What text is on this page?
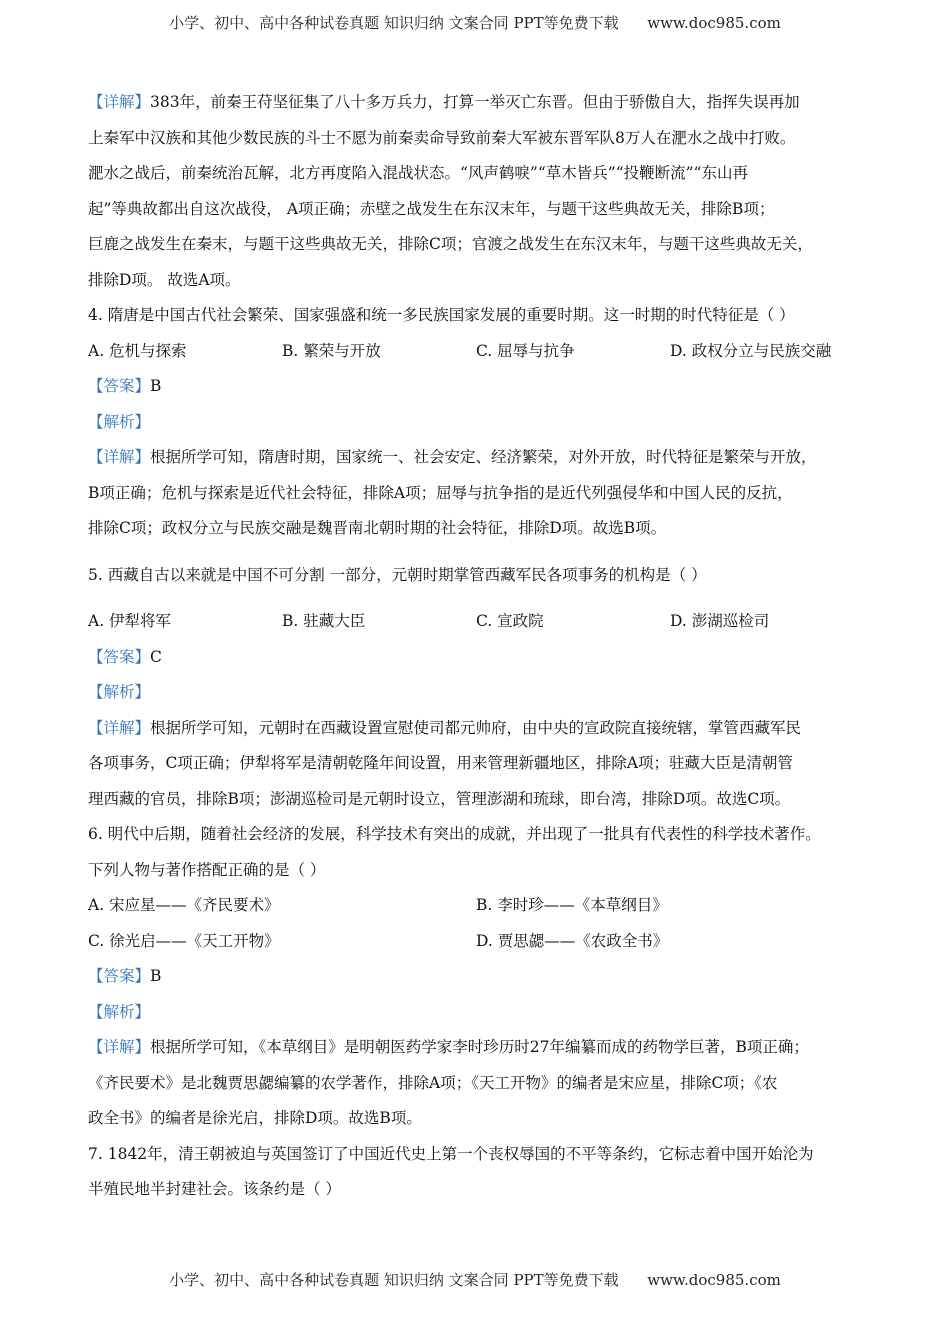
小学、初中、高中各种试卷真题 知识归纳 文案合同 PPT等免费下载 www.doc985.com
【详解】383年，前秦王苻坚征集了八十多万兵力，打算一举灭亡东晋。但由于骄傲自大，指挥失误再加
上秦军中汉族和其他少数民族的斗士不愿为前秦卖命导致前秦大军被东晋军队8万人在淝水之战中打败。
淝水之战后，前秦统治瓦解，北方再度陷入混战状态。“风声鹤唳”“草木皆兵”“投鞭断流”“东山再
起”等典故都出自这次战役， A项正确；赤壁之战发生在东汉末年，与题干这些典故无关，排除B项；
巨鹿之战发生在秦末，与题干这些典故无关，排除C项；官渡之战发生在东汉末年，与题干这些典故无关，
排除D项。 故选A项。
4. 隋唐是中国古代社会繁荣、国家强盛和统一多民族国家发展的重要时期。这一时期的时代特征是（ ）
A. 危机与探索	B. 繁荣与开放	C. 屈辱与抗争	D. 政权分立与民族交融
【答案】B
【解析】
【详解】根据所学可知，隋唐时期，国家统一、社会安定、经济繁荣，对外开放，时代特征是繁荣与开放，
B项正确；危机与探索是近代社会特征，排除A项；屈辱与抗争指的是近代列强侵华和中国人民的反抗，
排除C项；政权分立与民族交融是魏晋南北朝时期的社会特征，排除D项。故选B项。
5. 西藏自古以来就是中国不可分割 一部分，元朝时期掌管西藏军民各项事务的机构是（ ）
A. 伊犁将军	B. 驻藏大臣	C. 宣政院	D. 澎湖巡检司
【答案】C
【解析】
【详解】根据所学可知，元朝时在西藏设置宣慰使司都元帅府，由中央的宣政院直接统辖，掌管西藏军民
各项事务，C项正确；伊犁将军是清朝乾隆年间设置，用来管理新疆地区，排除A项；驻藏大臣是清朝管
理西藏的官员，排除B项；澎湖巡检司是元朝时设立，管理澎湖和琉球，即台湾，排除D项。故选C项。
6. 明代中后期，随着社会经济的发展，科学技术有突出的成就，并出现了一批具有代表性的科学技术著作。
下列人物与著作搭配正确的是（ ）
A. 宋应星——《齐民要术》	B. 李时珍——《本草纲目》
C. 徐光启——《天工开物》	D. 贾思勰——《农政全书》
【答案】B
【解析】
【详解】根据所学可知，《本草纲目》是明朝医药学家李时珍历时27年编纂而成的药物学巨著，B项正确；
《齐民要术》是北魏贾思勰编纂的农学著作，排除A项；《天工开物》的编者是宋应星，排除C项；《农
政全书》的编者是徐光启，排除D项。故选B项。
7. 1842年，清王朝被迫与英国签订了中国近代史上第一个丧权辱国的不平等条约，它标志着中国开始沦为
半殖民地半封建社会。该条约是（ ）
小学、初中、高中各种试卷真题 知识归纳 文案合同 PPT等免费下载 www.doc985.com
